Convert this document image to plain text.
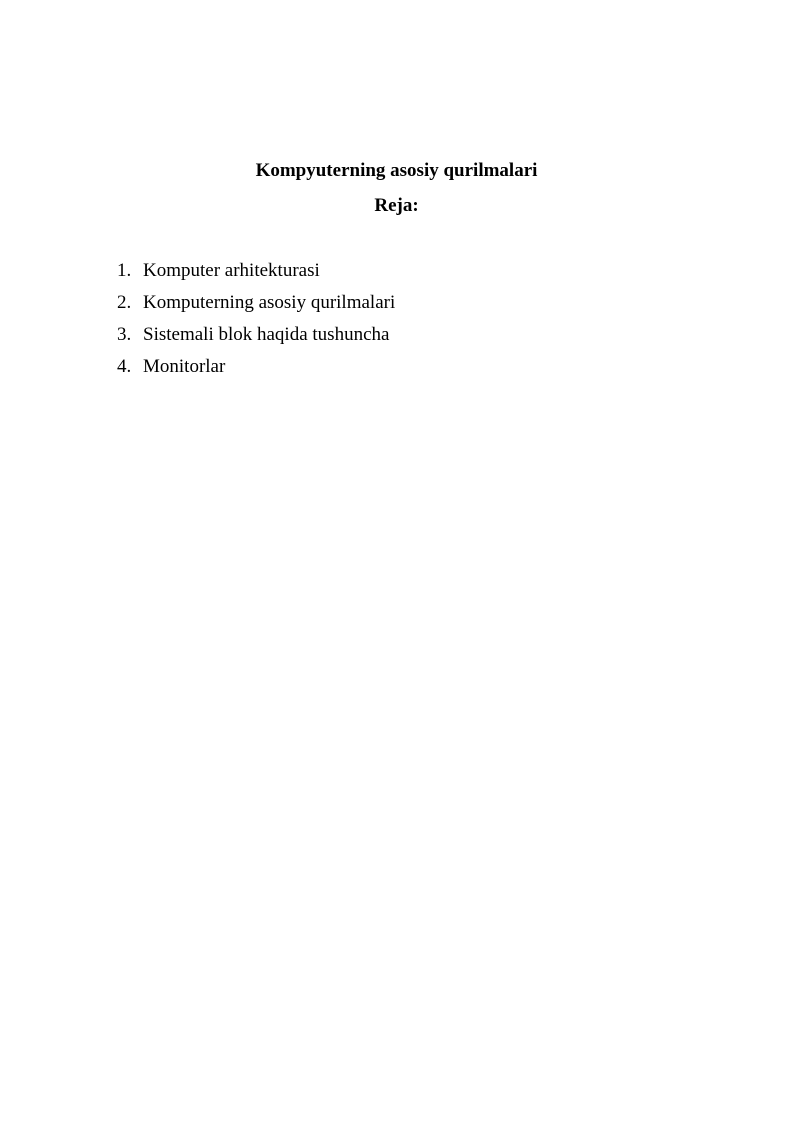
Kompyuterning asosiy qurilmalari
Reja:
1. Komputer arhitekturasi
2. Komputerning asosiy qurilmalari
3. Sistemali blok haqida tushuncha
4. Monitorlar
